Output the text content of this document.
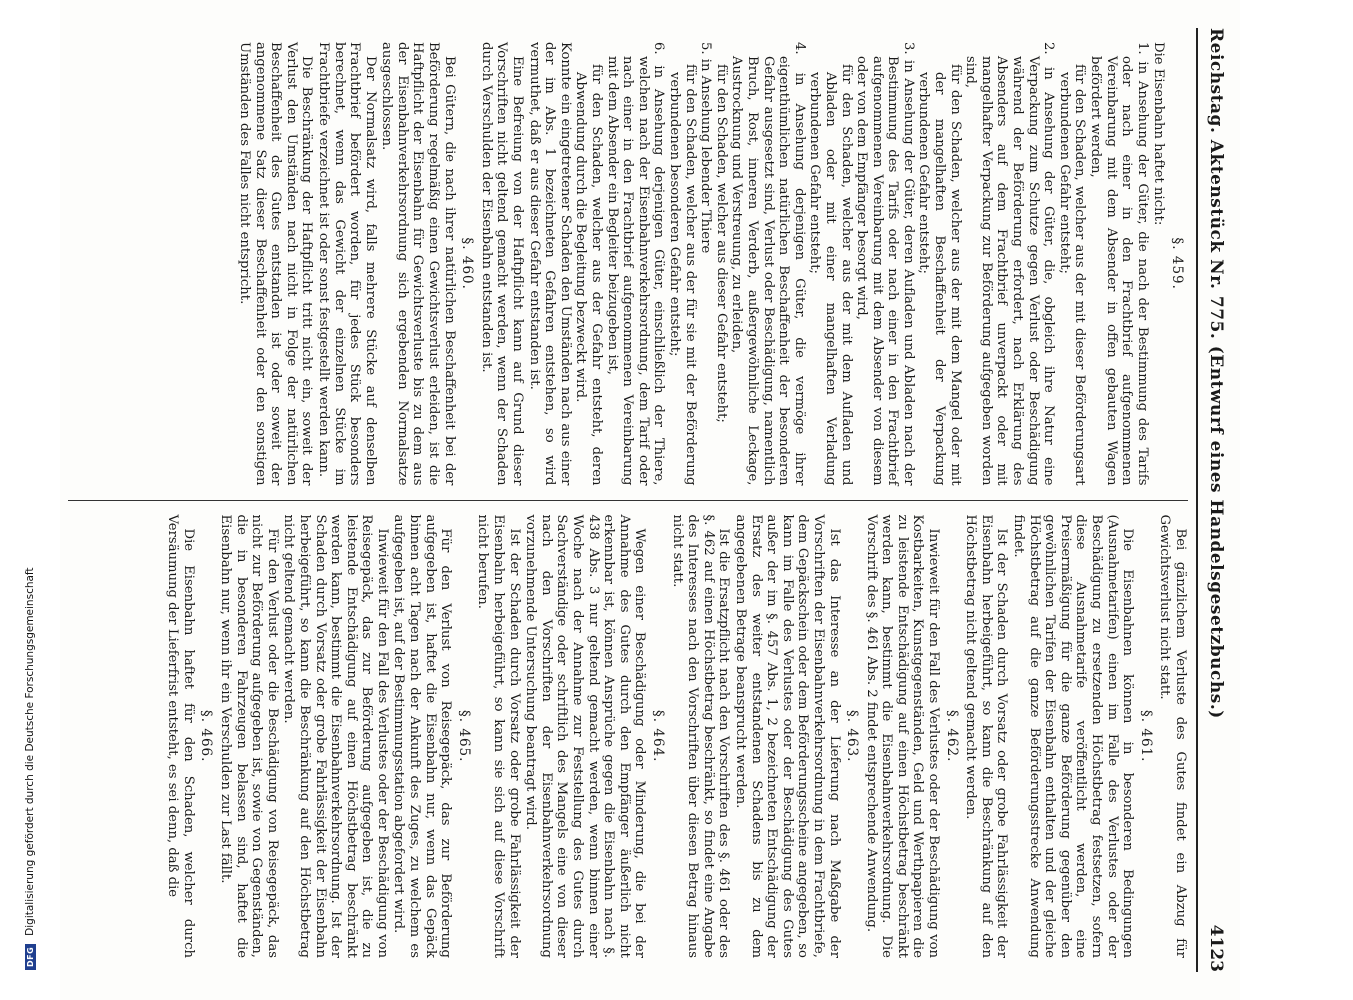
DFG
Digitalisierung gefördert durch die Deutsche Forschungsgemeinschaft
Reichstag. Aktenstück Nr. 775. (Entwurf eines Handelsgesetzbuchs.)
4123
§. 459.

Die Eisenbahn haftet nicht:

1. in Ansehung der Güter, die nach der Bestimmung des Tarifs oder nach einer in den Frachtbrief aufgenommenen Vereinbarung mit dem Absender in offen gebauten Wagen befördert werden,

für den Schaden, welcher aus der mit dieser Beförderungsart verbundenen Gefahr entsteht;

2. in Ansehung der Güter, die, obgleich ihre Natur eine Verpackung zum Schutze gegen Verlust oder Beschädigung während der Beförderung erfordert, nach Erklärung des Absenders auf dem Frachtbrief unverpackt oder mit mangelhafter Verpackung zur Beförderung aufgegeben worden sind,

für den Schaden, welcher aus der mit dem Mangel oder mit der mangelhaften Beschaffenheit der Verpackung verbundenen Gefahr entsteht;

3. in Ansehung der Güter, deren Aufladen und Abladen nach der Bestimmung des Tarifs oder nach einer in den Frachtbrief aufgenommenen Vereinbarung mit dem Absender von diesem oder von dem Empfänger besorgt wird,

für den Schaden, welcher aus der mit dem Aufladen und Abladen oder mit einer mangelhaften Verladung verbundenen Gefahr entsteht;

4. in Ansehung derjenigen Güter, die vermöge ihrer eigenthümlichen natürlichen Beschaffenheit der besonderen Gefahr ausgesetzt sind, Verlust oder Beschädigung, namentlich Bruch, Rost, inneren Verderb, außergewöhnliche Leckage, Austrocknung und Verstreuung, zu erleiden,

für den Schaden, welcher aus dieser Gefahr entsteht;

5. in Ansehung lebender Thiere

für den Schaden, welcher aus der für sie mit der Beförderung verbundenen besonderen Gefahr entsteht;

6. in Ansehung derjenigen Güter, einschließlich der Thiere, welchen nach der Eisenbahnverkehrsordnung, dem Tarif oder nach einer in den Frachtbrief aufgenommenen Vereinbarung mit dem Absender ein Begleiter beizugeben ist,

für den Schaden, welcher aus der Gefahr entsteht, deren Abwendung durch die Begleitung bezweckt wird.

Konnte ein eingetretener Schaden den Umständen nach aus einer der im Abs. 1 bezeichneten Gefahren entstehen, so wird vermuthet, daß er aus dieser Gefahr entstanden ist.

Eine Befreiung von der Haftpflicht kann auf Grund dieser Vorschriften nicht geltend gemacht werden, wenn der Schaden durch Verschulden der Eisenbahn entstanden ist.

§. 460.

Bei Gütern, die nach ihrer natürlichen Beschaffenheit bei der Beförderung regelmäßig einen Gewichtsverlust erleiden, ist die Haftpflicht der Eisenbahn für Gewichtsverluste bis zu dem aus der Eisenbahnverkehrsordnung sich ergebenden Normalsatze ausgeschlossen.

Der Normalsatz wird, falls mehrere Stücke auf denselben Frachtbrief befördert worden, für jedes Stück besonders berechnet, wenn das Gewicht der einzelnen Stücke im Frachtbriefe verzeichnet ist oder sonst festgestellt werden kann.

Die Beschränkung der Haftpflicht tritt nicht ein, soweit der Verlust den Umständen nach nicht in Folge der natürlichen Beschaffenheit des Gutes entstanden ist oder soweit der angenommene Satz dieser Beschaffenheit oder den sonstigen Umständen des Falles nicht entspricht.

Bei gänzlichem Verluste des Gutes findet ein Abzug für Gewichtsverlust nicht statt.

§. 461.

Die Eisenbahnen können in besonderen Bedingungen (Ausnahmetarifen) einen im Falle des Verlustes oder der Beschädigung zu ersetzenden Höchstbetrag festsetzen, sofern diese Ausnahmetarife veröffentlicht werden, eine Preisermäßigung für die ganze Beförderung gegenüber den gewöhnlichen Tarifen der Eisenbahn enthalten und der gleiche Höchstbetrag auf die ganze Beförderungsstrecke Anwendung findet.

Ist der Schaden durch Vorsatz oder grobe Fahrlässigkeit der Eisenbahn herbeigeführt, so kann die Beschränkung auf den Höchstbetrag nicht geltend gemacht werden.

§. 462.

Inwieweit für den Fall des Verlustes oder der Beschädigung von Kostbarkeiten, Kunstgegenständen, Geld und Werthpapieren die zu leistende Entschädigung auf einen Höchstbetrag beschränkt werden kann, bestimmt die Eisenbahnverkehrsordnung. Die Vorschrift des §. 461 Abs. 2 findet entsprechende Anwendung.

§. 463.

Ist das Interesse an der Lieferung nach Maßgabe der Vorschriften der Eisenbahnverkehrsordnung in dem Frachtbriefe, dem Gepäckschein oder dem Beförderungsscheine angegeben, so kann im Falle des Verlustes oder der Beschädigung des Gutes außer der im §. 457 Abs. 1, 2 bezeichneten Entschädigung der Ersatz des weiter entstandenen Schadens bis zu dem angegebenen Betrage beansprucht werden.

Ist die Ersatzpflicht nach den Vorschriften des §. 461 oder des §. 462 auf einen Höchstbetrag beschränkt, so findet eine Angabe des Interesses nach den Vorschriften über diesen Betrag hinaus nicht statt.

§. 464.

Wegen einer Beschädigung oder Minderung, die bei der Annahme des Gutes durch den Empfänger äußerlich nicht erkennbar ist, können Ansprüche gegen die Eisenbahn nach §. 438 Abs. 3 nur geltend gemacht werden, wenn binnen einer Woche nach der Annahme zur Feststellung des Gutes durch Sachverständige oder schriftlich des Mangels eine von dieser nach den Vorschriften der Eisenbahnverkehrsordnung vorzunehmende Untersuchung beantragt wird.

Ist der Schaden durch Vorsatz oder grobe Fahrlässigkeit der Eisenbahn herbeigeführt, so kann sie sich auf diese Vorschrift nicht berufen.

§. 465.

Für den Verlust von Reisegepäck, das zur Beförderung aufgegeben ist, haftet die Eisenbahn nur, wenn das Gepäck binnen acht Tagen nach der Ankunft des Zuges, zu welchem es aufgegeben ist, auf der Bestimmungsstation abgefordert wird.

Inwieweit für den Fall des Verlustes oder der Beschädigung von Reisegepäck, das zur Beförderung aufgegeben ist, die zu leistende Entschädigung auf einen Höchstbetrag beschränkt werden kann, bestimmt die Eisenbahnverkehrsordnung. Ist der Schaden durch Vorsatz oder grobe Fahrlässigkeit der Eisenbahn herbeigeführt, so kann die Beschränkung auf den Höchstbetrag nicht geltend gemacht werden.

Für den Verlust oder die Beschädigung von Reisegepäck, das nicht zur Beförderung aufgegeben ist, sowie von Gegenständen, die in besonderen Fahrzeugen belassen sind, haftet die Eisenbahn nur, wenn ihr ein Verschulden zur Last fällt.

§. 466.

Die Eisenbahn haftet für den Schaden, welcher durch Versäumung der Lieferfrist entsteht, es sei denn, daß die
